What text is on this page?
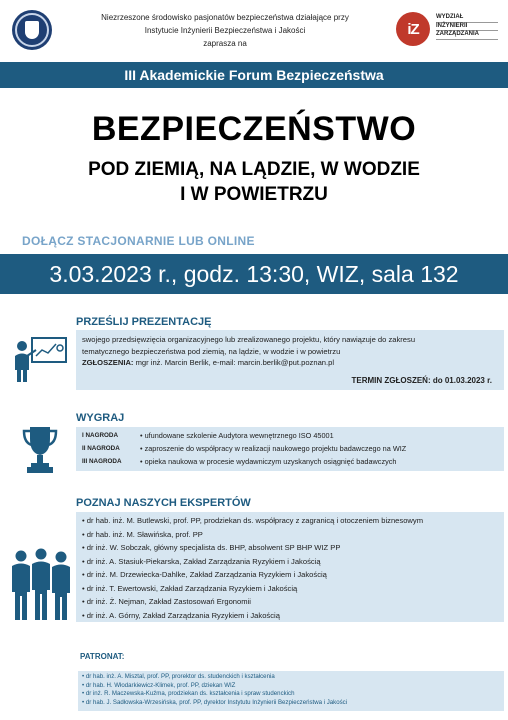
Niezrzeszone środowisko pasjonatów bezpieczeństwa działające przy
Instytucie Inżynierii Bezpieczeństwa i Jakości
zaprasza na
iZ
WYDZIAŁ
INŻYNIERII
ZARZĄDZANIA
III Akademickie Forum Bezpieczeństwa
BEZPIECZEŃSTWO
POD ZIEMIĄ, NA LĄDZIE, W WODZIE
I W POWIETRZU
DOŁĄCZ STACJONARNIE LUB ONLINE
3.03.2023 r., godz. 13:30, WIZ, sala 132
PRZEŚLIJ PREZENTACJĘ
swojego przedsięwzięcia organizacyjnego lub zrealizowanego projektu, który nawiązuje do zakresu
tematycznego bezpieczeństwa pod ziemią, na lądzie, w wodzie i w powietrzu
ZGŁOSZENIA: mgr inż. Marcin Berlik, e-mail: marcin.berlik@put.poznan.pl
TERMIN ZGŁOSZEŃ: do 01.03.2023 r.
WYGRAJ
I NAGRODA
II NAGRODA
III NAGRODA
• ufundowane szkolenie Audytora wewnętrznego ISO 45001
• zaproszenie do współpracy w realizacji naukowego projektu badawczego na WIZ
• opieka naukowa w procesie wydawniczym uzyskanych osiągnięć badawczych
POZNAJ NASZYCH EKSPERTÓW
• dr hab. inż. M. Butlewski, prof. PP, prodziekan ds. współpracy z zagranicą i otoczeniem biznesowym
• dr hab. inż. M. Sławińska, prof. PP
• dr inż. W. Sobczak, główny specjalista ds. BHP, absolwent SP BHP WIZ PP
• dr inż. A. Stasiuk-Piekarska, Zakład Zarządzania Ryzykiem i Jakością
• dr inż. M. Drzewiecka-Dahlke, Zakład Zarządzania Ryzykiem i Jakością
• dr inż. T. Ewertowski, Zakład Zarządzania Ryzykiem i Jakością
• dr inż. Ż. Nejman, Zakład Zastosowań Ergonomii
• dr inż. A. Górny, Zakład Zarządzania Ryzykiem i Jakością
PATRONAT:
• dr hab. inż. A. Misztal, prof. PP, prorektor ds. studenckich i kształcenia
• dr hab. H. Włodarkiewicz-Klimek, prof. PP, dziekan WIZ
• dr inż. R. Maczewska-Kuźma, prodziekan ds. kształcenia i spraw studenckich
• dr hab. J. Sadłowska-Wrzesińska, prof. PP, dyrektor Instytutu Inżynierii Bezpieczeństwa i Jakości
